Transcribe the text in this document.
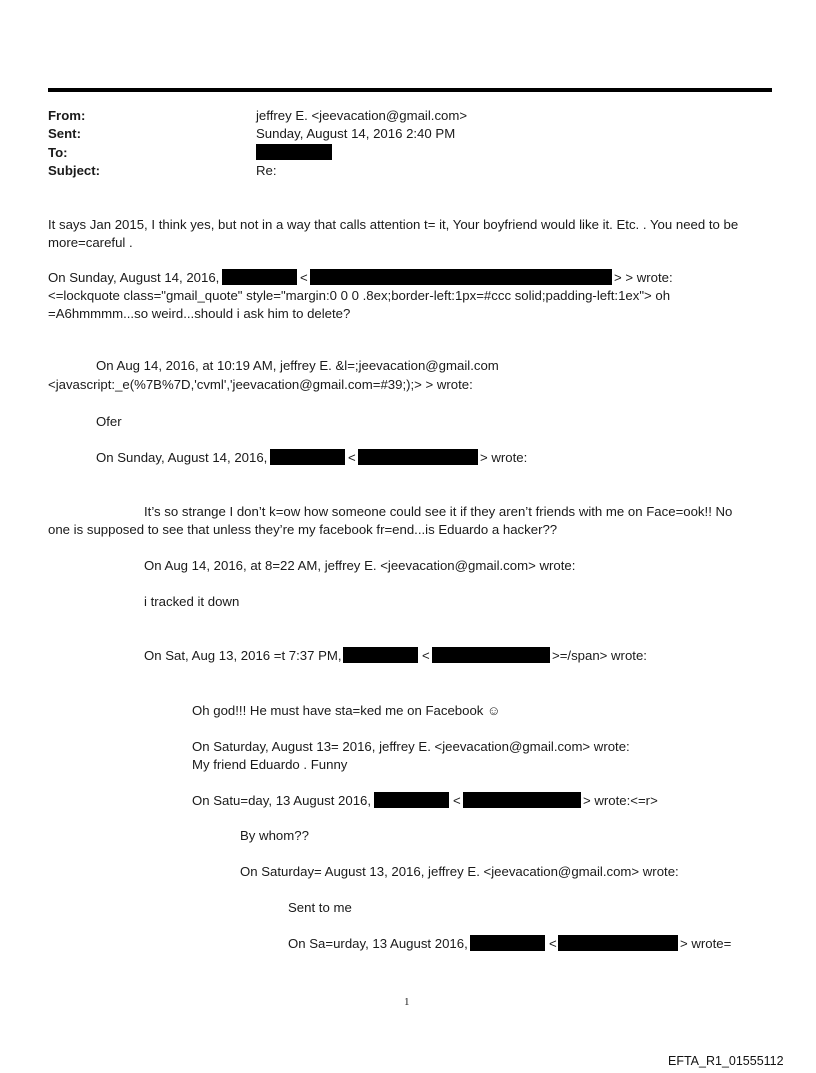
From:	jeffrey E. <jeevacation@gmail.com>
Sent:	Sunday, August 14, 2016 2:40 PM
To:
Subject:	Re:
It says Jan 2015, I think yes, but not in a way that calls attention t= it, Your boyfriend would like it. Etc. . You need to be more=careful .
On Sunday, August 14, 2016,	<	> > wrote:
<=lockquote class="gmail_quote" style="margin:0 0 0 .8ex;border-left:1px=#ccc solid;padding-left:1ex"> oh
=A6hmmmm...so weird...should i ask him to delete?
On Aug 14, 2016, at 10:19 AM, jeffrey E. &l=;jeevacation@gmail.com
<javascript:_e(%7B%7D,'cvml','jeevacation@gmail.com=#39;);> > wrote:
Ofer
On Sunday, August 14, 2016,	<	> wrote:
It’s so strange I don’t k=ow how someone could see it if they aren’t friends with me on Face=ook!! No
one is supposed to see that unless they’re my facebook fr=end...is Eduardo a hacker??
On Aug 14, 2016, at 8=22 AM, jeffrey E. <jeevacation@gmail.com> wrote:
i tracked it down
On Sat, Aug 13, 2016 =t 7:37 PM,	<	>=/span> wrote:
Oh god!!! He must have sta=ked me on Facebook ☺
On Saturday, August 13= 2016, jeffrey E. <jeevacation@gmail.com> wrote:
My friend Eduardo . Funny
On Satu=day, 13 August 2016,	<	> wrote:<=r>
By whom??
On Saturday= August 13, 2016, jeffrey E. <jeevacation@gmail.com> wrote:
Sent to me
On Sa=urday, 13 August 2016,	<	> wrote=
1
EFTA_R1_01555112
